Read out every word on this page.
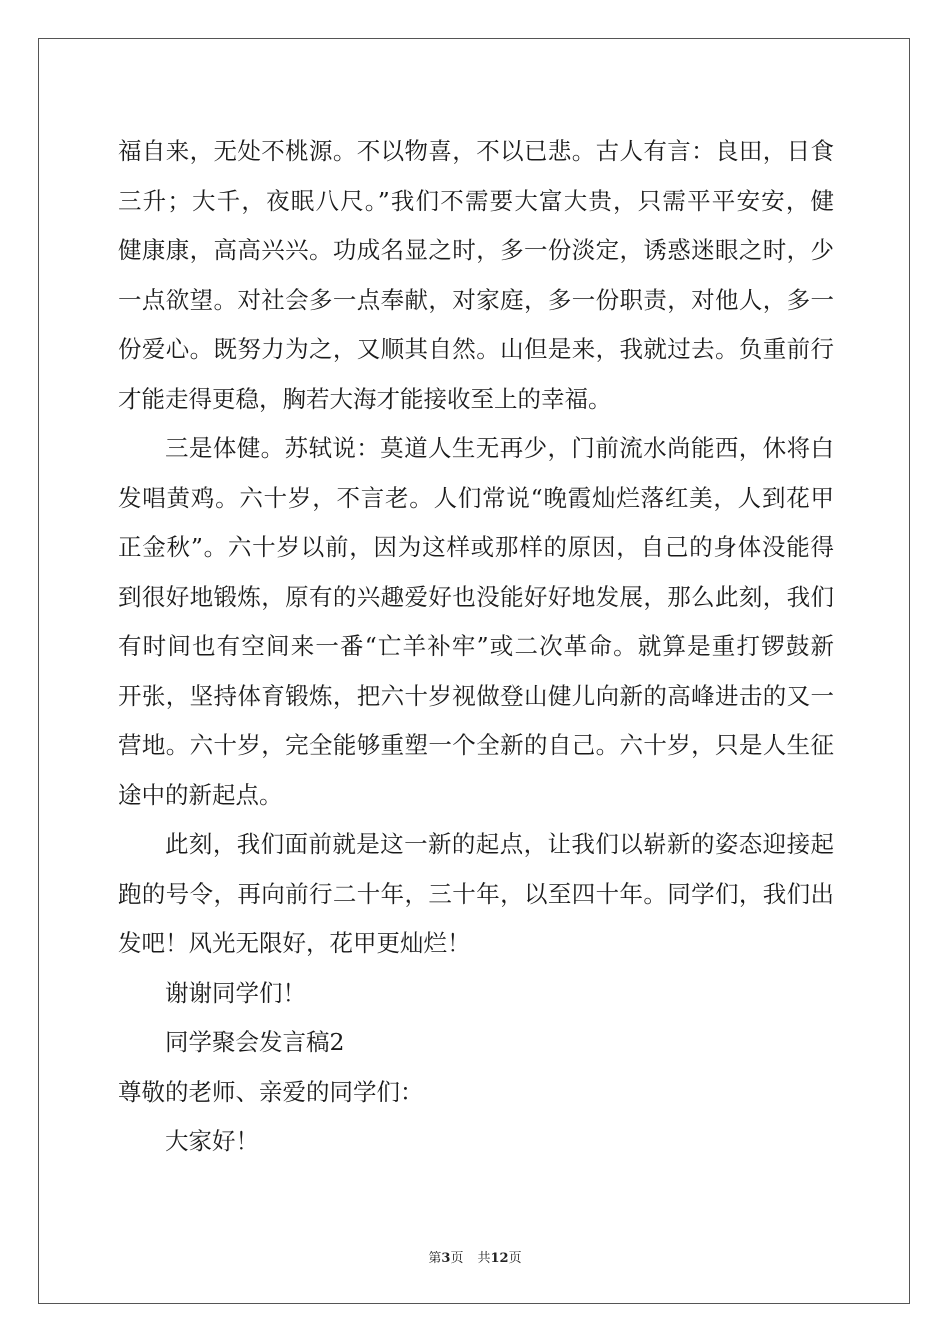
福自来，无处不桃源。不以物喜，不以已悲。古人有言：良田，日食
三升；大千，夜眠八尺。”我们不需要大富大贵，只需平平安安，健
健康康，高高兴兴。功成名显之时，多一份淡定，诱惑迷眼之时，少
一点欲望。对社会多一点奉献，对家庭，多一份职责，对他人，多一
份爱心。既努力为之，又顺其自然。山但是来，我就过去。负重前行
才能走得更稳，胸若大海才能接收至上的幸福。
三是体健。苏轼说：莫道人生无再少，门前流水尚能西，休将白
发唱黄鸡。六十岁，不言老。人们常说“晚霞灿烂落红美，人到花甲
正金秋”。六十岁以前，因为这样或那样的原因，自己的身体没能得
到很好地锻炼，原有的兴趣爱好也没能好好地发展，那么此刻，我们
有时间也有空间来一番“亡羊补牢”或二次革命。就算是重打锣鼓新
开张，坚持体育锻炼，把六十岁视做登山健儿向新的高峰进击的又一
营地。六十岁，完全能够重塑一个全新的自己。六十岁，只是人生征
途中的新起点。
此刻，我们面前就是这一新的起点，让我们以崭新的姿态迎接起
跑的号令，再向前行二十年，三十年，以至四十年。同学们，我们出
发吧！风光无限好，花甲更灿烂！
谢谢同学们！
同学聚会发言稿2
尊敬的老师、亲爱的同学们：
大家好！
第3页 共12页
